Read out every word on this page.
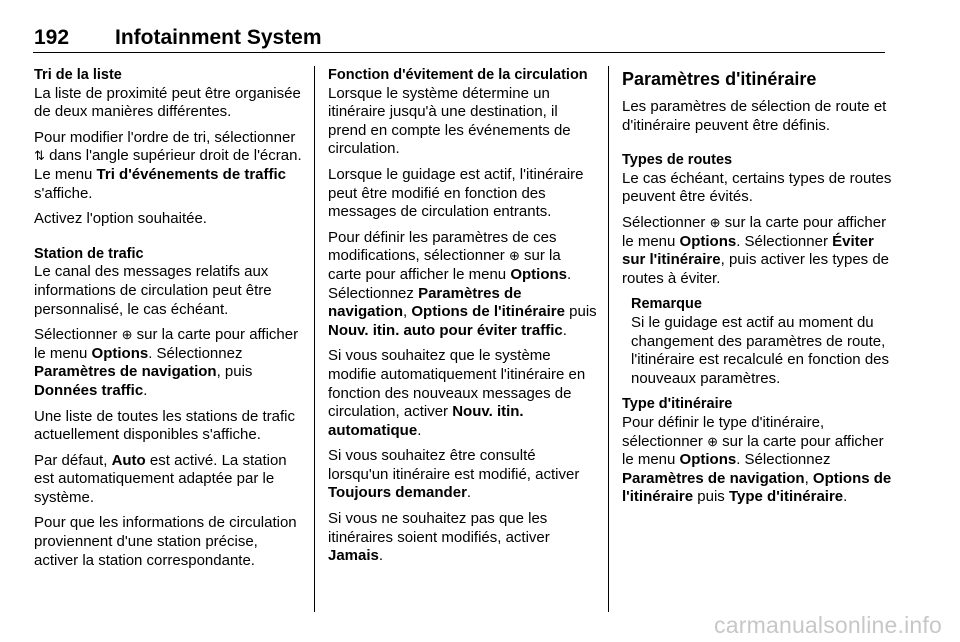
192 Infotainment System
Tri de la liste

La liste de proximité peut être organisée de deux manières différentes.

Pour modifier l'ordre de tri, sélectionner ⇅ dans l'angle supérieur droit de l'écran. Le menu Tri d'événements de traffic s'affiche.

Activez l'option souhaitée.

Station de trafic

Le canal des messages relatifs aux informations de circulation peut être personnalisé, le cas échéant.

Sélectionner ⊕ sur la carte pour afficher le menu Options. Sélectionnez Paramètres de navigation, puis Données traffic.

Une liste de toutes les stations de trafic actuellement disponibles s'affiche.

Par défaut, Auto est activé. La station est automatiquement adaptée par le système.

Pour que les informations de circulation proviennent d'une station précise, activer la station correspondante.

Fonction d'évitement de la circulation

Lorsque le système détermine un itinéraire jusqu'à une destination, il prend en compte les événements de circulation.

Lorsque le guidage est actif, l'itinéraire peut être modifié en fonction des messages de circulation entrants.

Pour définir les paramètres de ces modifications, sélectionner ⊕ sur la carte pour afficher le menu Options. Sélectionnez Paramètres de navigation, Options de l'itinéraire puis Nouv. itin. auto pour éviter traffic.

Si vous souhaitez que le système modifie automatiquement l'itinéraire en fonction des nouveaux messages de circulation, activer Nouv. itin. automatique.

Si vous souhaitez être consulté lorsqu'un itinéraire est modifié, activer Toujours demander.

Si vous ne souhaitez pas que les itinéraires soient modifiés, activer Jamais.

Paramètres d'itinéraire

Les paramètres de sélection de route et d'itinéraire peuvent être définis.

Types de routes

Le cas échéant, certains types de routes peuvent être évités.

Sélectionner ⊕ sur la carte pour afficher le menu Options. Sélectionner Éviter sur l'itinéraire, puis activer les types de routes à éviter.

Remarque

Si le guidage est actif au moment du changement des paramètres de route, l'itinéraire est recalculé en fonction des nouveaux paramètres.

Type d'itinéraire

Pour définir le type d'itinéraire, sélectionner ⊕ sur la carte pour afficher le menu Options. Sélectionnez Paramètres de navigation, Options de l'itinéraire puis Type d'itinéraire.

carmanualsonline.info
